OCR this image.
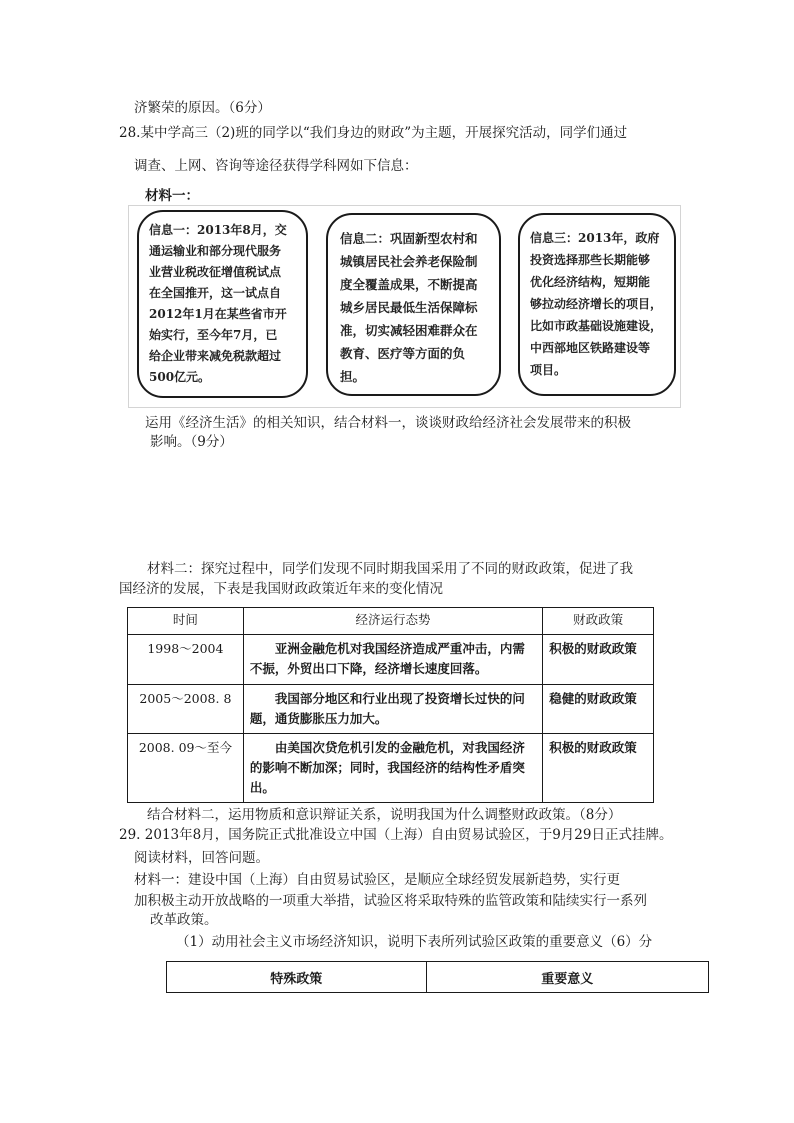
济繁荣的原因。（6分）
28.某中学高三（2)班的同学以“我们身边的财政”为主题，开展探究活动，同学们通过
调查、上网、咨询等途径获得学科网如下信息：
材料一：

信息一：2013年8月，交

通运输业和部分现代服务

业营业税改征增值税试点

在全国推开，这一试点自

2012年1月在某些省市开

始实行，至今年7月，已

给企业带来减免税款超过

500亿元。

信息二：巩固新型农村和

城镇居民社会养老保险制

度全覆盖成果，不断提高

城乡居民最低生活保障标

准，切实减轻困难群众在

教育、医疗等方面的负担。

信息三：2013年，政府

投资选择那些长期能够

优化经济结构，短期能

够拉动经济增长的项目，

比如市政基础设施建设，

中西部地区铁路建设等

项目。

运用《经济生活》的相关知识，结合材料一，谈谈财政给经济社会发展带来的积极
影响。（9分）
材料二：探究过程中，同学们发现不同时期我国采用了不同的财政政策，促进了我
国经济的发展，下表是我国财政政策近年来的变化情况
时间	经济运行态势	财政政策
1998～2004	亚洲金融危机对我国经济造成严重冲击，内需不振，外贸出口下降，经济增长速度回落。	积极的财政政策
2005～2008. 8	我国部分地区和行业出现了投资增长过快的问题，通货膨胀压力加大。	稳健的财政政策
2008. 09～至今	由美国次贷危机引发的金融危机，对我国经济的影响不断加深；同时，我国经济的结构性矛盾突出。	积极的财政政策
结合材料二，运用物质和意识辩证关系，说明我国为什么调整财政政策。（8分）
29. 2013年8月，国务院正式批准设立中国（上海）自由贸易试验区，于9月29日正式挂牌。
阅读材料，回答问题。
材料一：建设中国（上海）自由贸易试验区，是顺应全球经贸发展新趋势，实行更
加积极主动开放战略的一项重大举措，试验区将采取特殊的监管政策和陆续实行一系列
改革政策。
（1）动用社会主义市场经济知识，说明下表所列试验区政策的重要意义（6）分
特殊政策	重要意义
